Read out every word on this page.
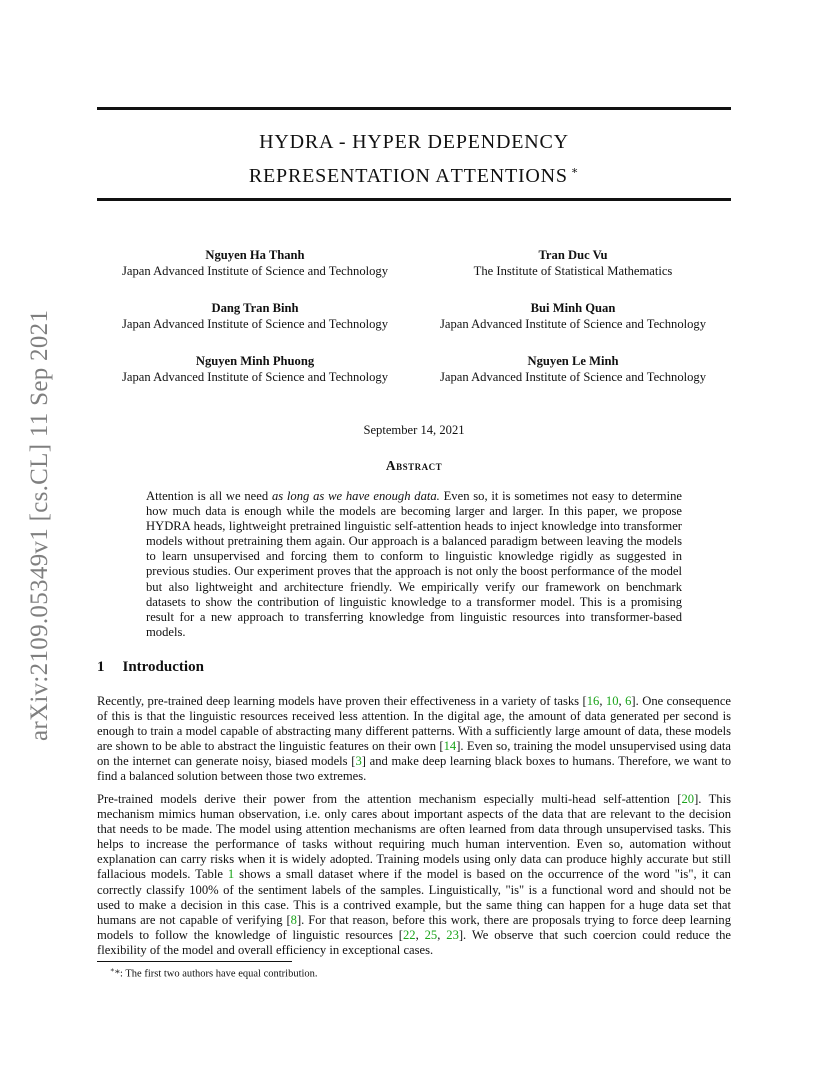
arXiv:2109.05349v1 [cs.CL] 11 Sep 2021
HYDRA - HYPER DEPENDENCY
REPRESENTATION ATTENTIONS ∗
Nguyen Ha Thanh
Japan Advanced Institute of Science and Technology
Tran Duc Vu
The Institute of Statistical Mathematics
Dang Tran Binh
Japan Advanced Institute of Science and Technology
Bui Minh Quan
Japan Advanced Institute of Science and Technology
Nguyen Minh Phuong
Japan Advanced Institute of Science and Technology
Nguyen Le Minh
Japan Advanced Institute of Science and Technology
September 14, 2021
Abstract
Attention is all we need as long as we have enough data. Even so, it is sometimes not easy to determine how much data is enough while the models are becoming larger and larger. In this paper, we propose HYDRA heads, lightweight pretrained linguistic self-attention heads to inject knowledge into transformer models without pretraining them again. Our approach is a balanced paradigm between leaving the models to learn unsupervised and forcing them to conform to linguistic knowledge rigidly as suggested in previous studies. Our experiment proves that the approach is not only the boost performance of the model but also lightweight and architecture friendly. We empirically verify our framework on benchmark datasets to show the contribution of linguistic knowledge to a transformer model. This is a promising result for a new approach to transferring knowledge from linguistic resources into transformer-based models.
1 Introduction
Recently, pre-trained deep learning models have proven their effectiveness in a variety of tasks [16, 10, 6]. One consequence of this is that the linguistic resources received less attention. In the digital age, the amount of data generated per second is enough to train a model capable of abstracting many different patterns. With a sufficiently large amount of data, these models are shown to be able to abstract the linguistic features on their own [14]. Even so, training the model unsupervised using data on the internet can generate noisy, biased models [3] and make deep learning black boxes to humans. Therefore, we want to find a balanced solution between those two extremes.
Pre-trained models derive their power from the attention mechanism especially multi-head self-attention [20]. This mechanism mimics human observation, i.e. only cares about important aspects of the data that are relevant to the decision that needs to be made. The model using attention mechanisms are often learned from data through unsupervised tasks. This helps to increase the performance of tasks without requiring much human intervention. Even so, automation without explanation can carry risks when it is widely adopted. Training models using only data can produce highly accurate but still fallacious models. Table 1 shows a small dataset where if the model is based on the occurrence of the word "is", it can correctly classify 100% of the sentiment labels of the samples. Linguistically, "is" is a functional word and should not be used to make a decision in this case. This is a contrived example, but the same thing can happen for a huge data set that humans are not capable of verifying [8]. For that reason, before this work, there are proposals trying to force deep learning models to follow the knowledge of linguistic resources [22, 25, 23]. We observe that such coercion could reduce the flexibility of the model and overall efficiency in exceptional cases.
∗*: The first two authors have equal contribution.
